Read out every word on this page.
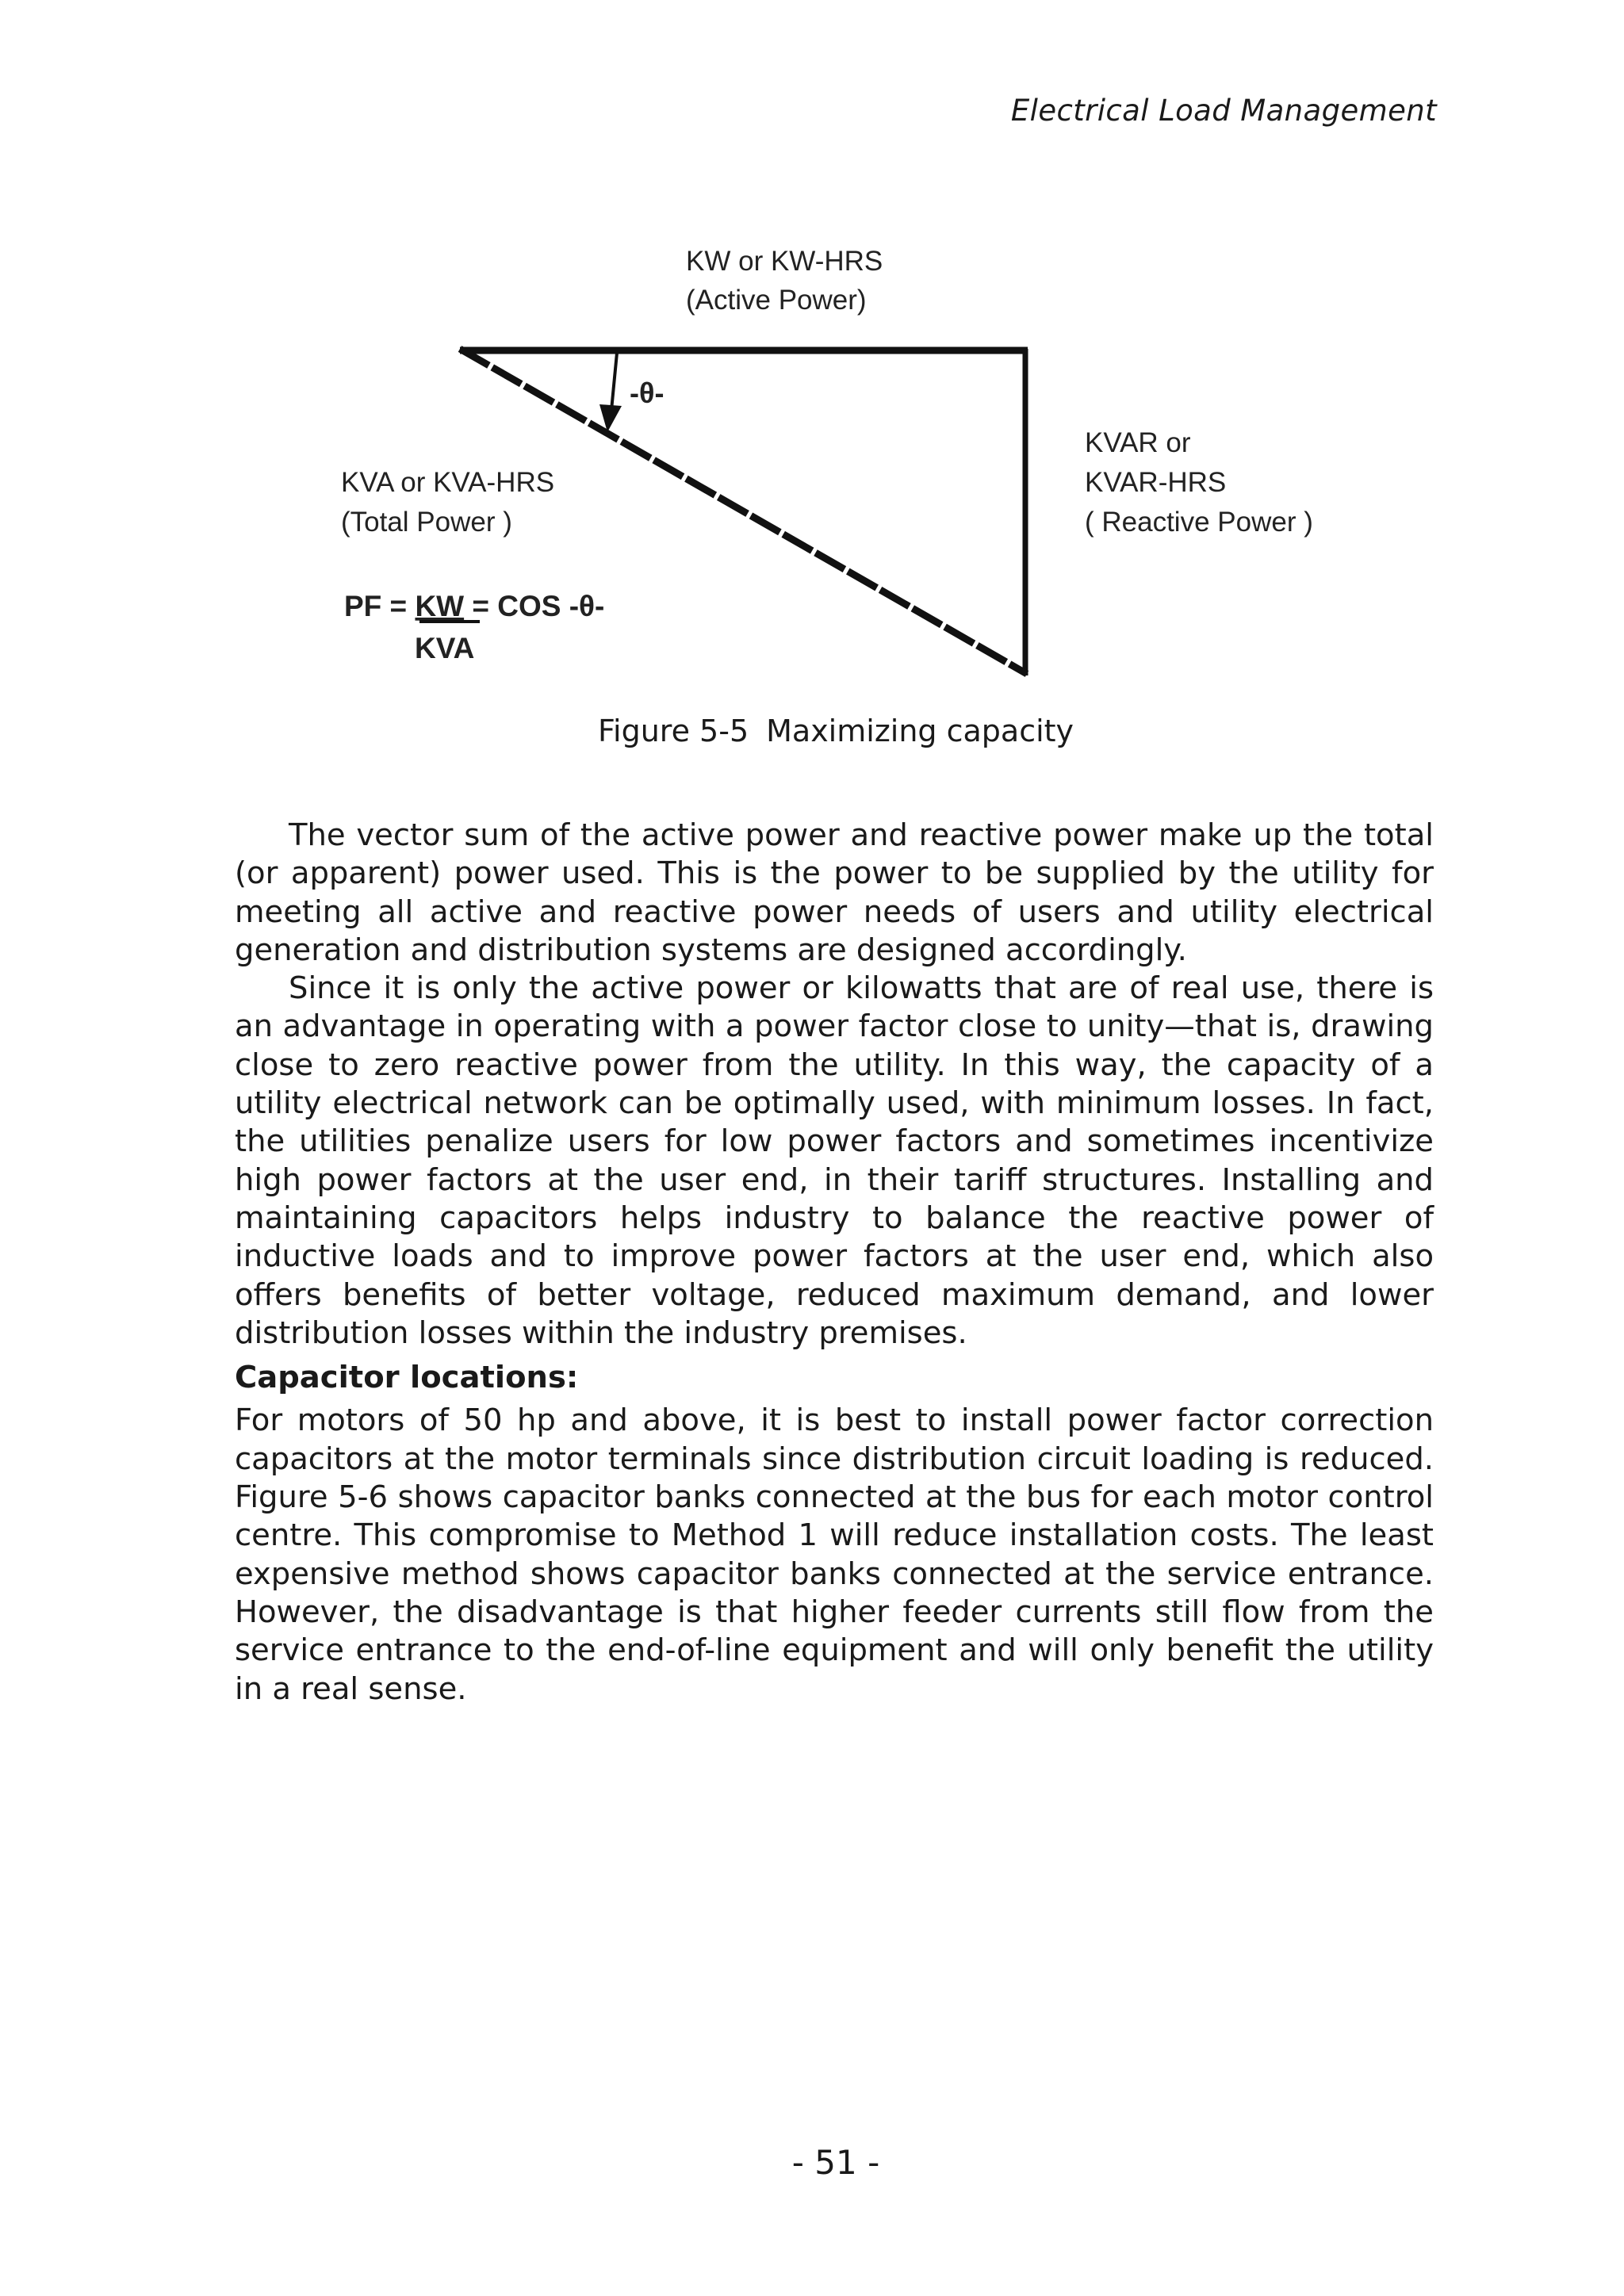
Electrical Load Management
KW or KW-HRS
(Active Power)
-θ-
KVA or KVA-HRS
(Total Power )
KVAR or
KVAR-HRS
( Reactive Power )
PF = KW = COS -θ-
KVA
Figure 5-5 Maximizing capacity

The vector sum of the active power and reactive power make up the total (or apparent) power used. This is the power to be supplied by the utility for meeting all active and reactive power needs of users and utility electrical generation and distribution systems are designed accordingly.

Since it is only the active power or kilowatts that are of real use, there is an advantage in operating with a power factor close to unity—that is, drawing close to zero reactive power from the utility. In this way, the capacity of a utility electrical network can be optimally used, with minimum losses. In fact, the utilities penalize users for low power factors and sometimes incentivize high power factors at the user end, in their tariff structures. Installing and maintaining capacitors helps industry to balance the reactive power of inductive loads and to improve power factors at the user end, which also offers benefits of better voltage, reduced maximum demand, and lower distribution losses within the industry premises.

Capacitor locations:

For motors of 50 hp and above, it is best to install power factor correction capacitors at the motor terminals since distribution circuit loading is reduced. Figure 5-6 shows capacitor banks connected at the bus for each motor control centre. This compromise to Method 1 will reduce installation costs. The least expensive method shows capacitor banks connected at the service entrance. However, the disadvantage is that higher feeder currents still flow from the service entrance to the end-of-line equipment and will only benefit the utility in a real sense.

- 51 -
